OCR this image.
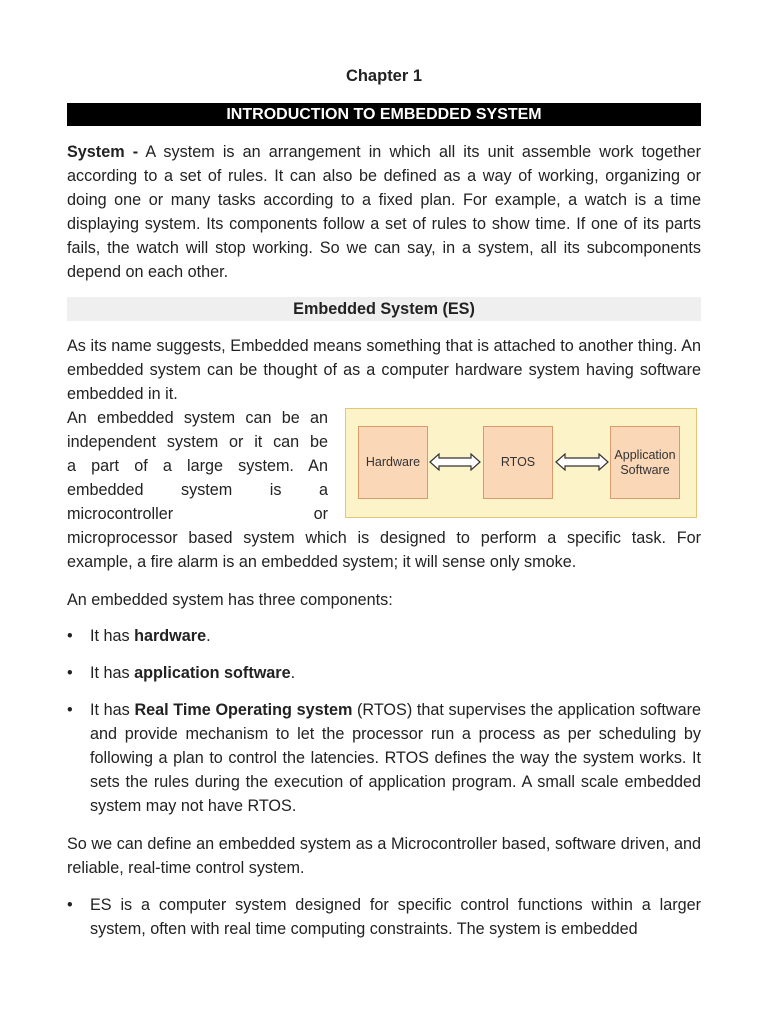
Chapter 1
INTRODUCTION TO EMBEDDED SYSTEM

System - A system is an arrangement in which all its unit assemble work together according to a set of rules. It can also be defined as a way of working, organizing or doing one or many tasks according to a fixed plan. For example, a watch is a time displaying system. Its components follow a set of rules to show time. If one of its parts fails, the watch will stop working. So we can say, in a system, all its subcomponents depend on each other.

Embedded System (ES)

As its name suggests, Embedded means something that is attached to another thing. An embedded system can be thought of as a computer hardware system having software embedded in it.

An embedded system can be an
independent system or it can be
a part of a large system. An
embedded system is a
microcontroller or

Hardware	RTOS
Application Software

microprocessor based system which is designed to perform a specific task. For example, a fire alarm is an embedded system; it will sense only smoke.

An embedded system has three components:

• It has hardware.
• It has application software.
• It has Real Time Operating system (RTOS) that supervises the application software and provide mechanism to let the processor run a process as per scheduling by following a plan to control the latencies. RTOS defines the way the system works. It sets the rules during the execution of application program. A small scale embedded system may not have RTOS.

So we can define an embedded system as a Microcontroller based, software driven, and reliable, real-time control system.

• ES is a computer system designed for specific control functions within a larger system, often with real time computing constraints. The system is embedded
